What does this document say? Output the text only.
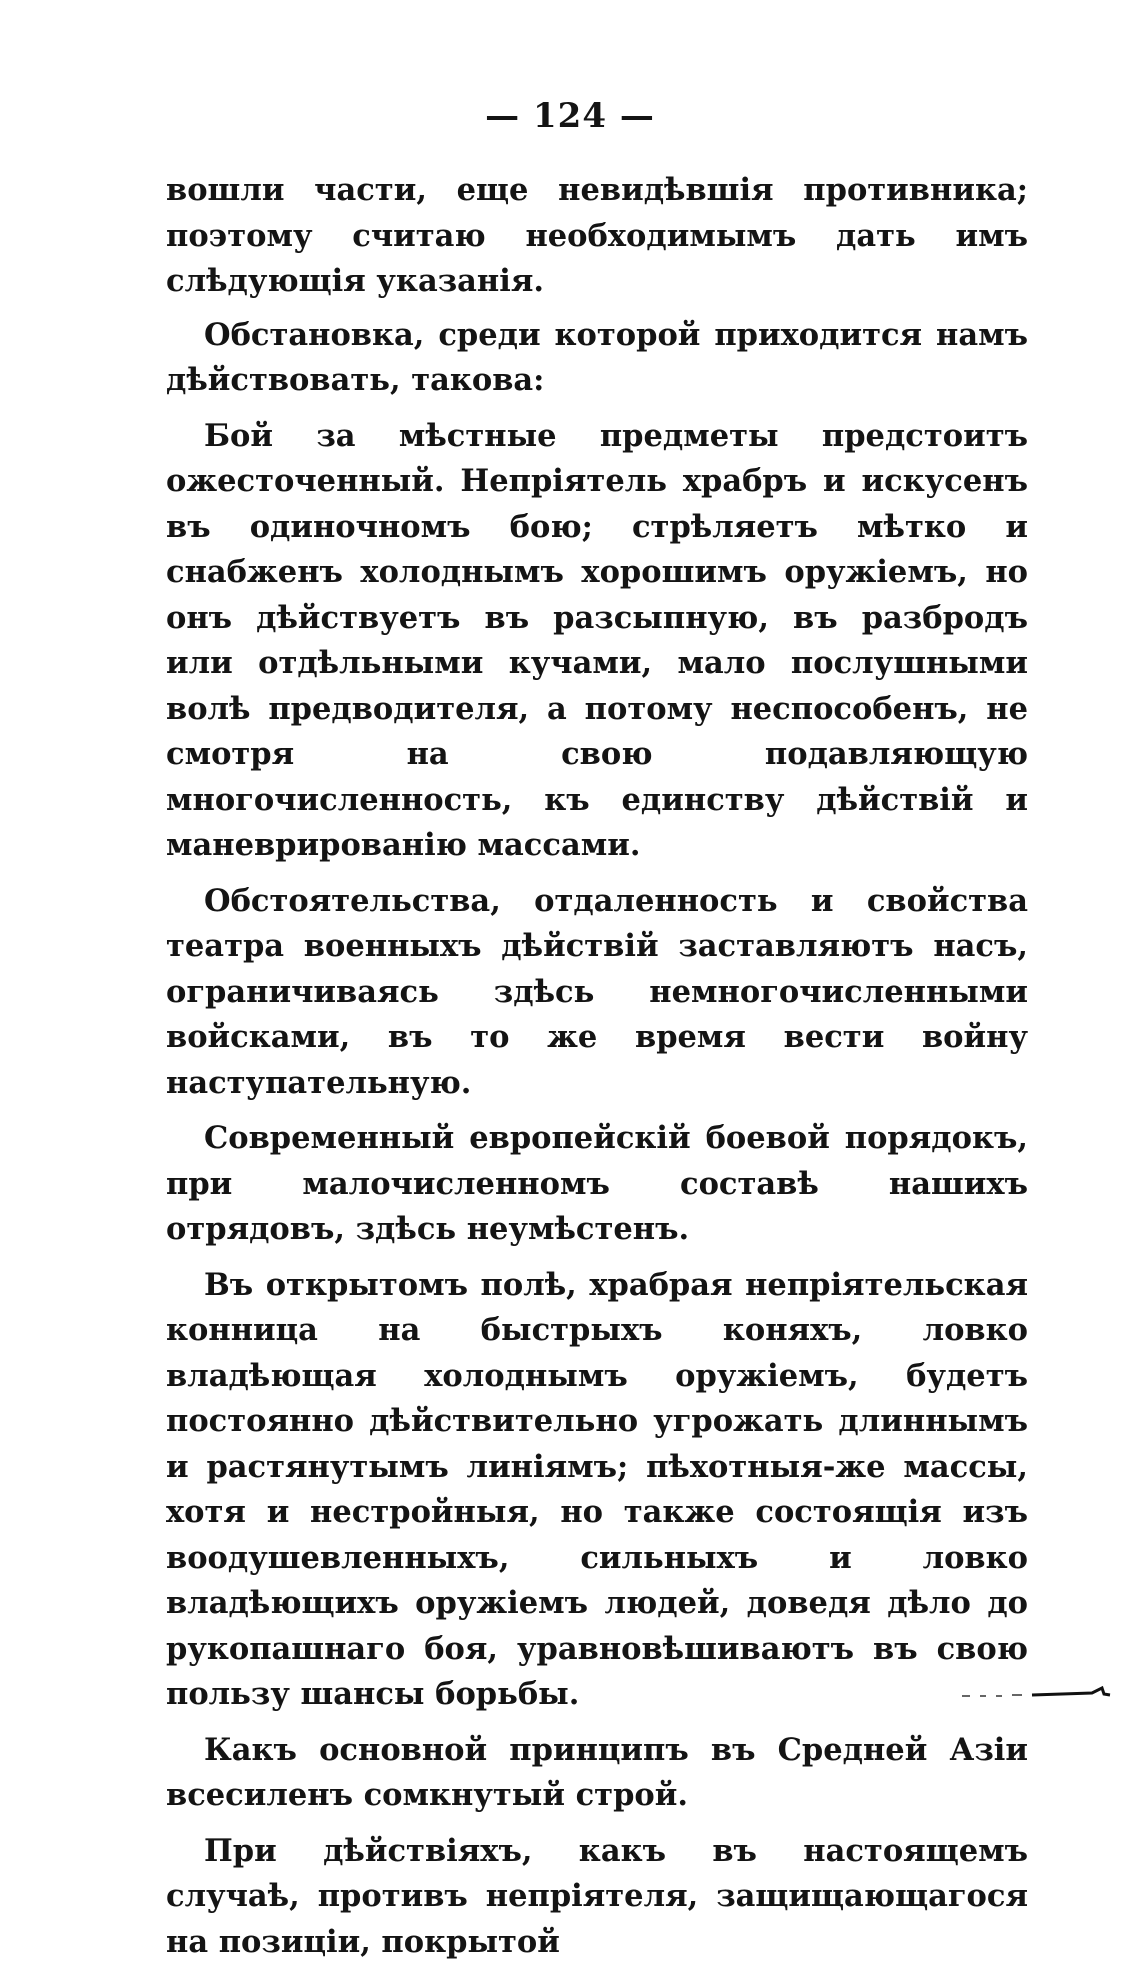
— 124 —

вошли части, еще невидѣвшія противника; поэтому считаю необходимымъ дать имъ слѣдующія указанія.

Обстановка, среди которой приходится намъ дѣйствовать, такова:

Бой за мѣстные предметы предстоитъ ожесточенный. Непріятель храбръ и искусенъ въ одиночномъ бою; стрѣляетъ мѣтко и снабженъ холоднымъ хорошимъ оружіемъ, но онъ дѣйствуетъ въ разсыпную, въ разбродъ или отдѣльными кучами, мало послушными волѣ предводителя, а потому неспособенъ, не смотря на свою подавляющую многочисленность, къ единству дѣйствій и маневрированію массами.

Обстоятельства, отдаленность и свойства театра военныхъ дѣйствій заставляютъ насъ, ограничиваясь здѣсь немногочисленными войсками, въ то же время вести войну наступательную.

Современный европейскій боевой порядокъ, при малочисленномъ составѣ нашихъ отрядовъ, здѣсь неумѣстенъ.

Въ открытомъ полѣ, храбрая непріятельская конница на быстрыхъ коняхъ, ловко владѣющая холоднымъ оружіемъ, будетъ постоянно дѣйствительно угрожать длиннымъ и растянутымъ линіямъ; пѣхотныя-же массы, хотя и нестройныя, но также состоящія изъ воодушевленныхъ, сильныхъ и ловко владѣющихъ оружіемъ людей, доведя дѣло до рукопашнаго боя, уравновѣшиваютъ въ свою пользу шансы борьбы.

Какъ основной принципъ въ Средней Азіи всесиленъ сомкнутый строй.

При дѣйствіяхъ, какъ въ настоящемъ случаѣ, противъ непріятеля, защищающагося на позиціи, покрытой
